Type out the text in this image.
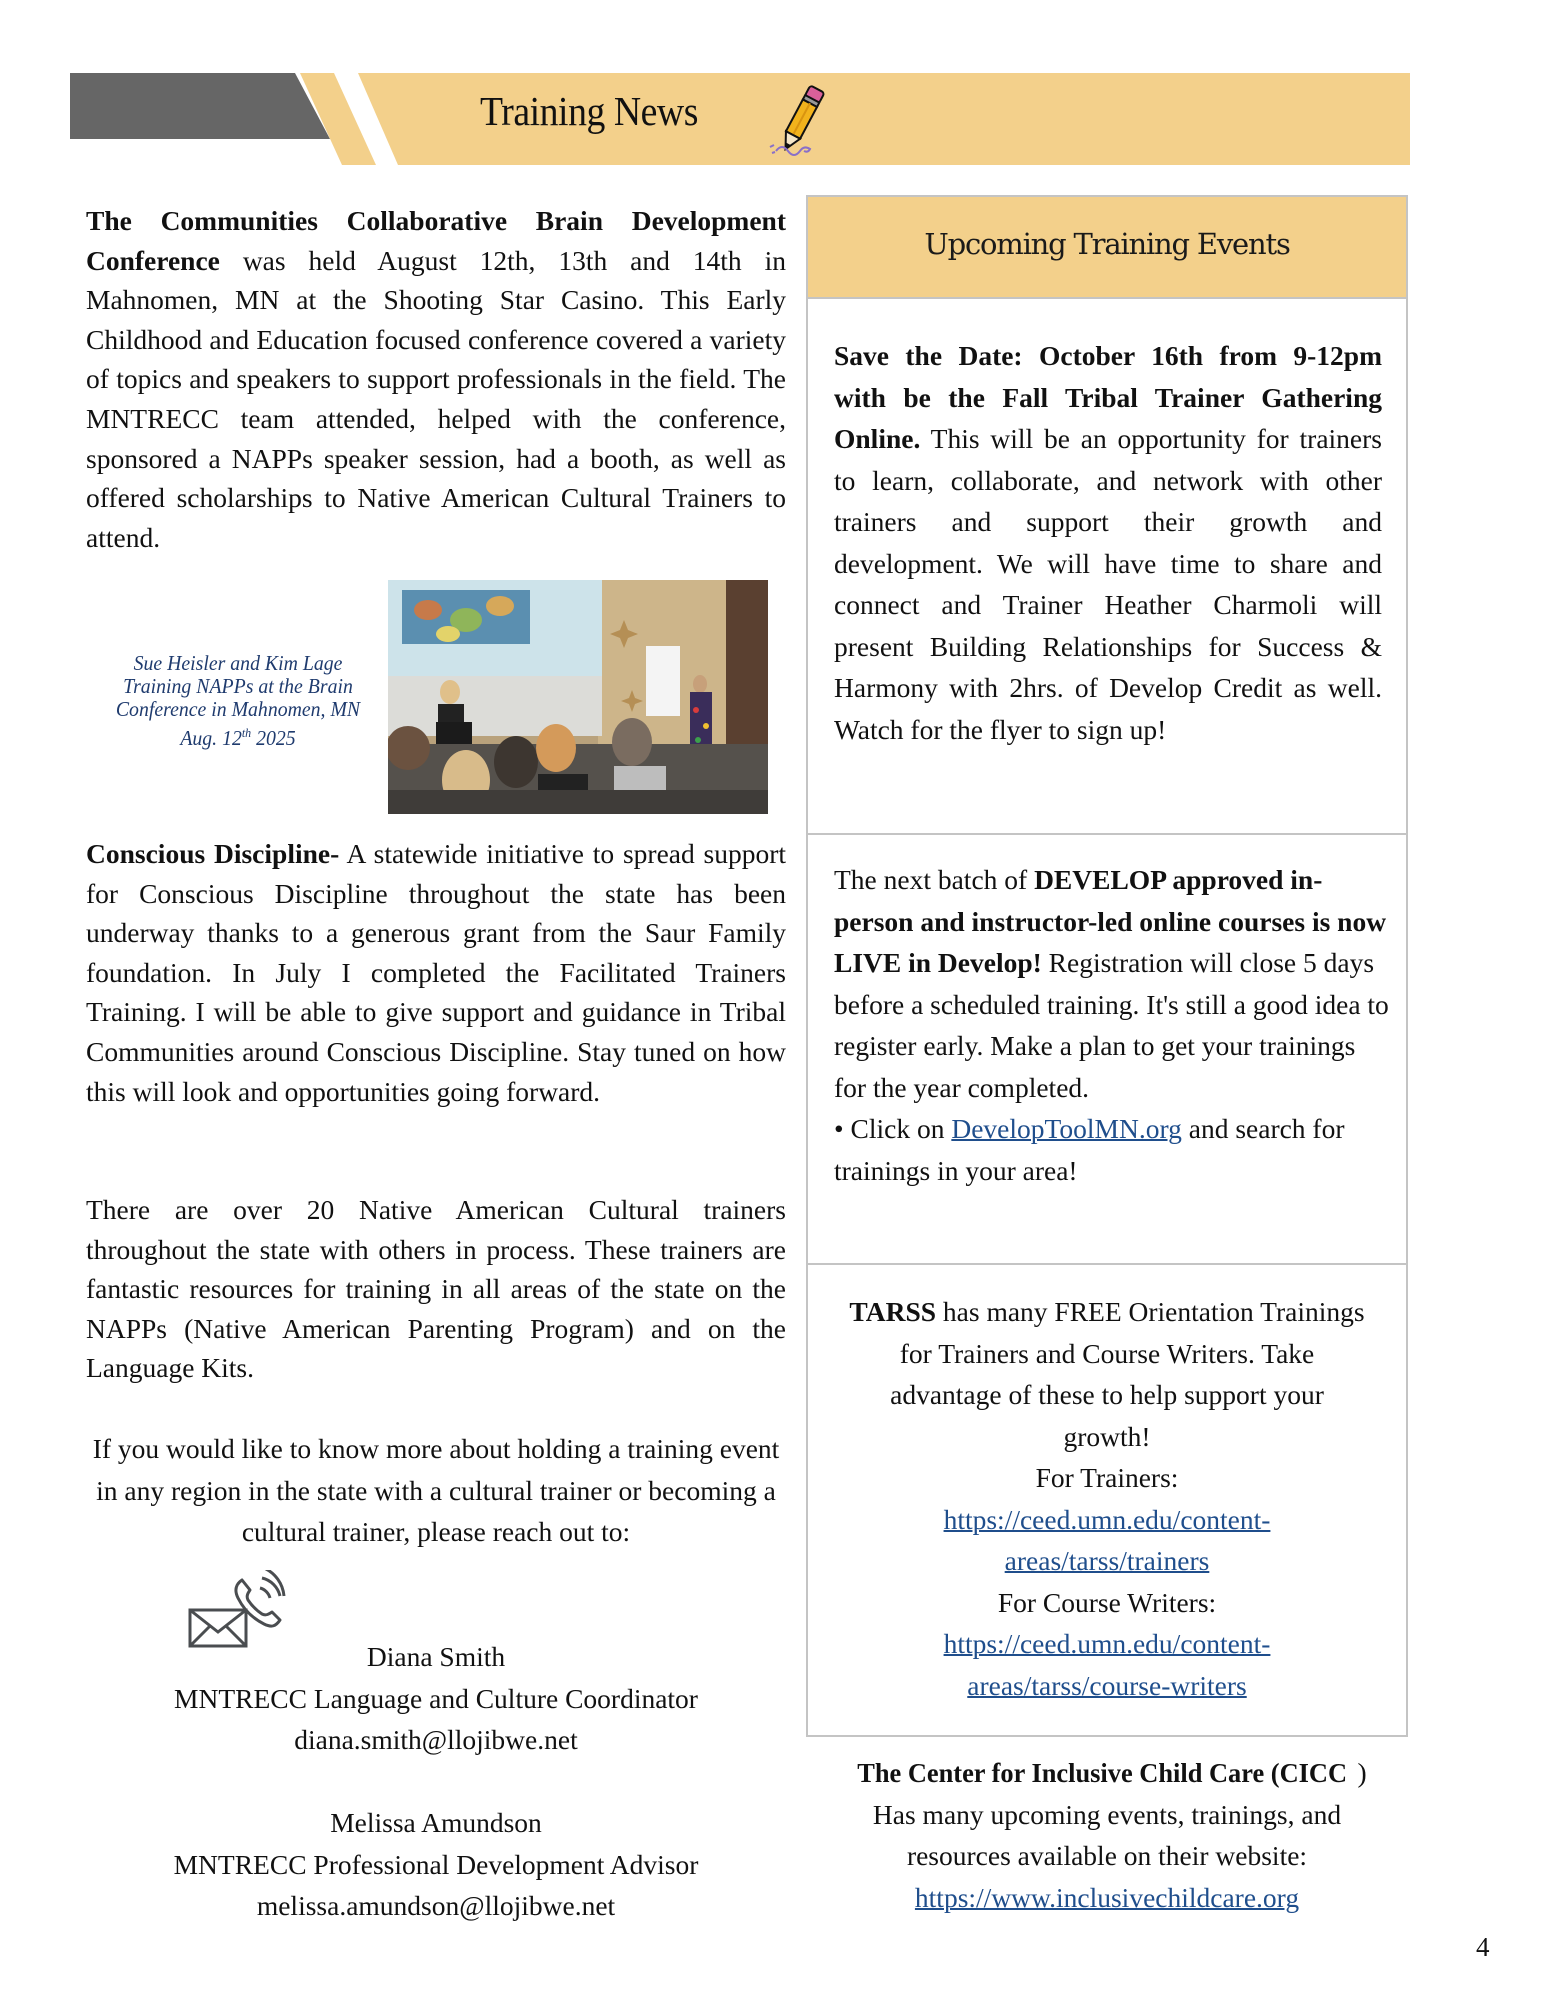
Training News

The Communities Collaborative Brain Development Conference was held August 12th, 13th and 14th in Mahnomen, MN at the Shooting Star Casino. This Early Childhood and Education focused conference covered a variety of topics and speakers to support professionals in the field. The MNTRECC team attended, helped with the conference, sponsored a NAPPs speaker session, had a booth, as well as offered scholarships to Native American Cultural Trainers to attend.

Sue Heisler and Kim Lage
Training NAPPs at the Brain
Conference in Mahnomen, MN
Aug. 12th 2025

Conscious Discipline- A statewide initiative to spread support for Conscious Discipline throughout the state has been underway thanks to a generous grant from the Saur Family foundation. In July I completed the Facilitated Trainers Training. I will be able to give support and guidance in Tribal Communities around Conscious Discipline. Stay tuned on how this will look and opportunities going forward.

There are over 20 Native American Cultural trainers throughout the state with others in process. These trainers are fantastic resources for training in all areas of the state on the NAPPs (Native American Parenting Program) and on the Language Kits.

If you would like to know more about holding a training event in any region in the state with a cultural trainer or becoming a cultural trainer, please reach out to:

Diana Smith
MNTRECC Language and Culture Coordinator
diana.smith@llojibwe.net
Melissa Amundson
MNTRECC Professional Development Advisor
melissa.amundson@llojibwe.net
Upcoming Training Events

Save the Date: October 16th from 9-12pm with be the Fall Tribal Trainer Gathering Online. This will be an opportunity for trainers to learn, collaborate, and network with other trainers and support their growth and development. We will have time to share and connect and Trainer Heather Charmoli will present Building Relationships for Success & Harmony with 2hrs. of Develop Credit as well. Watch for the flyer to sign up!

The next batch of DEVELOP approved in-person and instructor-led online courses is now LIVE in Develop! Registration will close 5 days before a scheduled training. It's still a good idea to register early. Make a plan to get your trainings for the year completed.
• Click on DevelopToolMN.org and search for trainings in your area!

TARSS has many FREE Orientation Trainings for Trainers and Course Writers. Take advantage of these to help support your growth!
For Trainers:
https://ceed.umn.edu/content-
areas/tarss/trainers
For Course Writers:
https://ceed.umn.edu/content-
areas/tarss/course-writers
The Center for Inclusive Child Care (CICC )
Has many upcoming events, trainings, and resources available on their website:
https://www.inclusivechildcare.org
4
